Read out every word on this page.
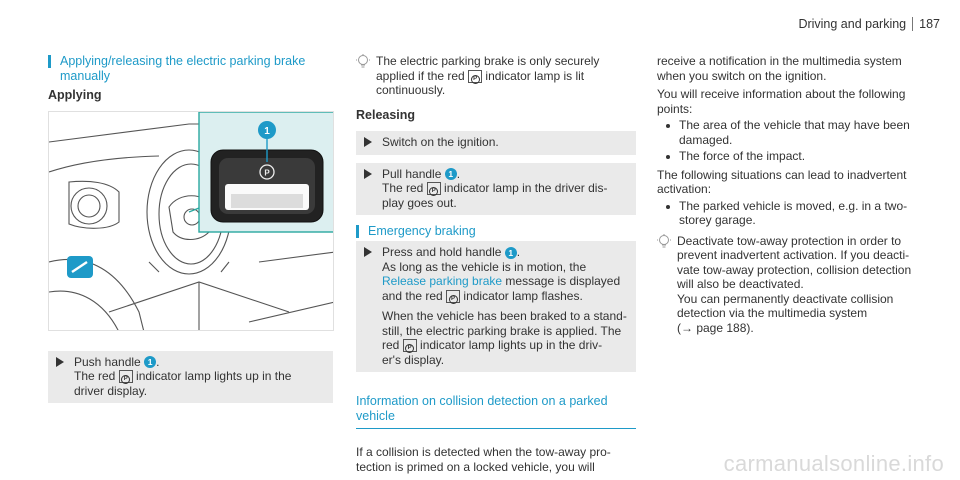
Driving and parking 187
Applying/releasing the electric parking brake manually
Applying
P
1
Push handle 1 .
The red P indicator lamp lights up in the
driver display.
The electric parking brake is only securely
applied if the red P indicator lamp is lit
continuously.
Releasing
Switch on the ignition.
Pull handle 1 .
The red P indicator lamp in the driver dis-
play goes out.
Emergency braking
Press and hold handle 1 .
As long as the vehicle is in motion, the
Release parking brake message is displayed
and the red P indicator lamp flashes.
When the vehicle has been braked to a stand-
still, the electric parking brake is applied. The
red P indicator lamp lights up in the driv-
er's display.
Information on collision detection on a parked
vehicle
If a collision is detected when the tow-away pro-
tection is primed on a locked vehicle, you will
receive a notification in the multimedia system
when you switch on the ignition.
You will receive information about the following
points:
The area of the vehicle that may have been
damaged.
The force of the impact.
The following situations can lead to inadvertent
activation:
The parked vehicle is moved, e.g. in a two-
storey garage.
Deactivate tow-away protection in order to
prevent inadvertent activation. If you deacti-
vate tow-away protection, collision detection
will also be deactivated.
You can permanently deactivate collision
detection via the multimedia system
(→ page 188).
carmanualsonline.info
